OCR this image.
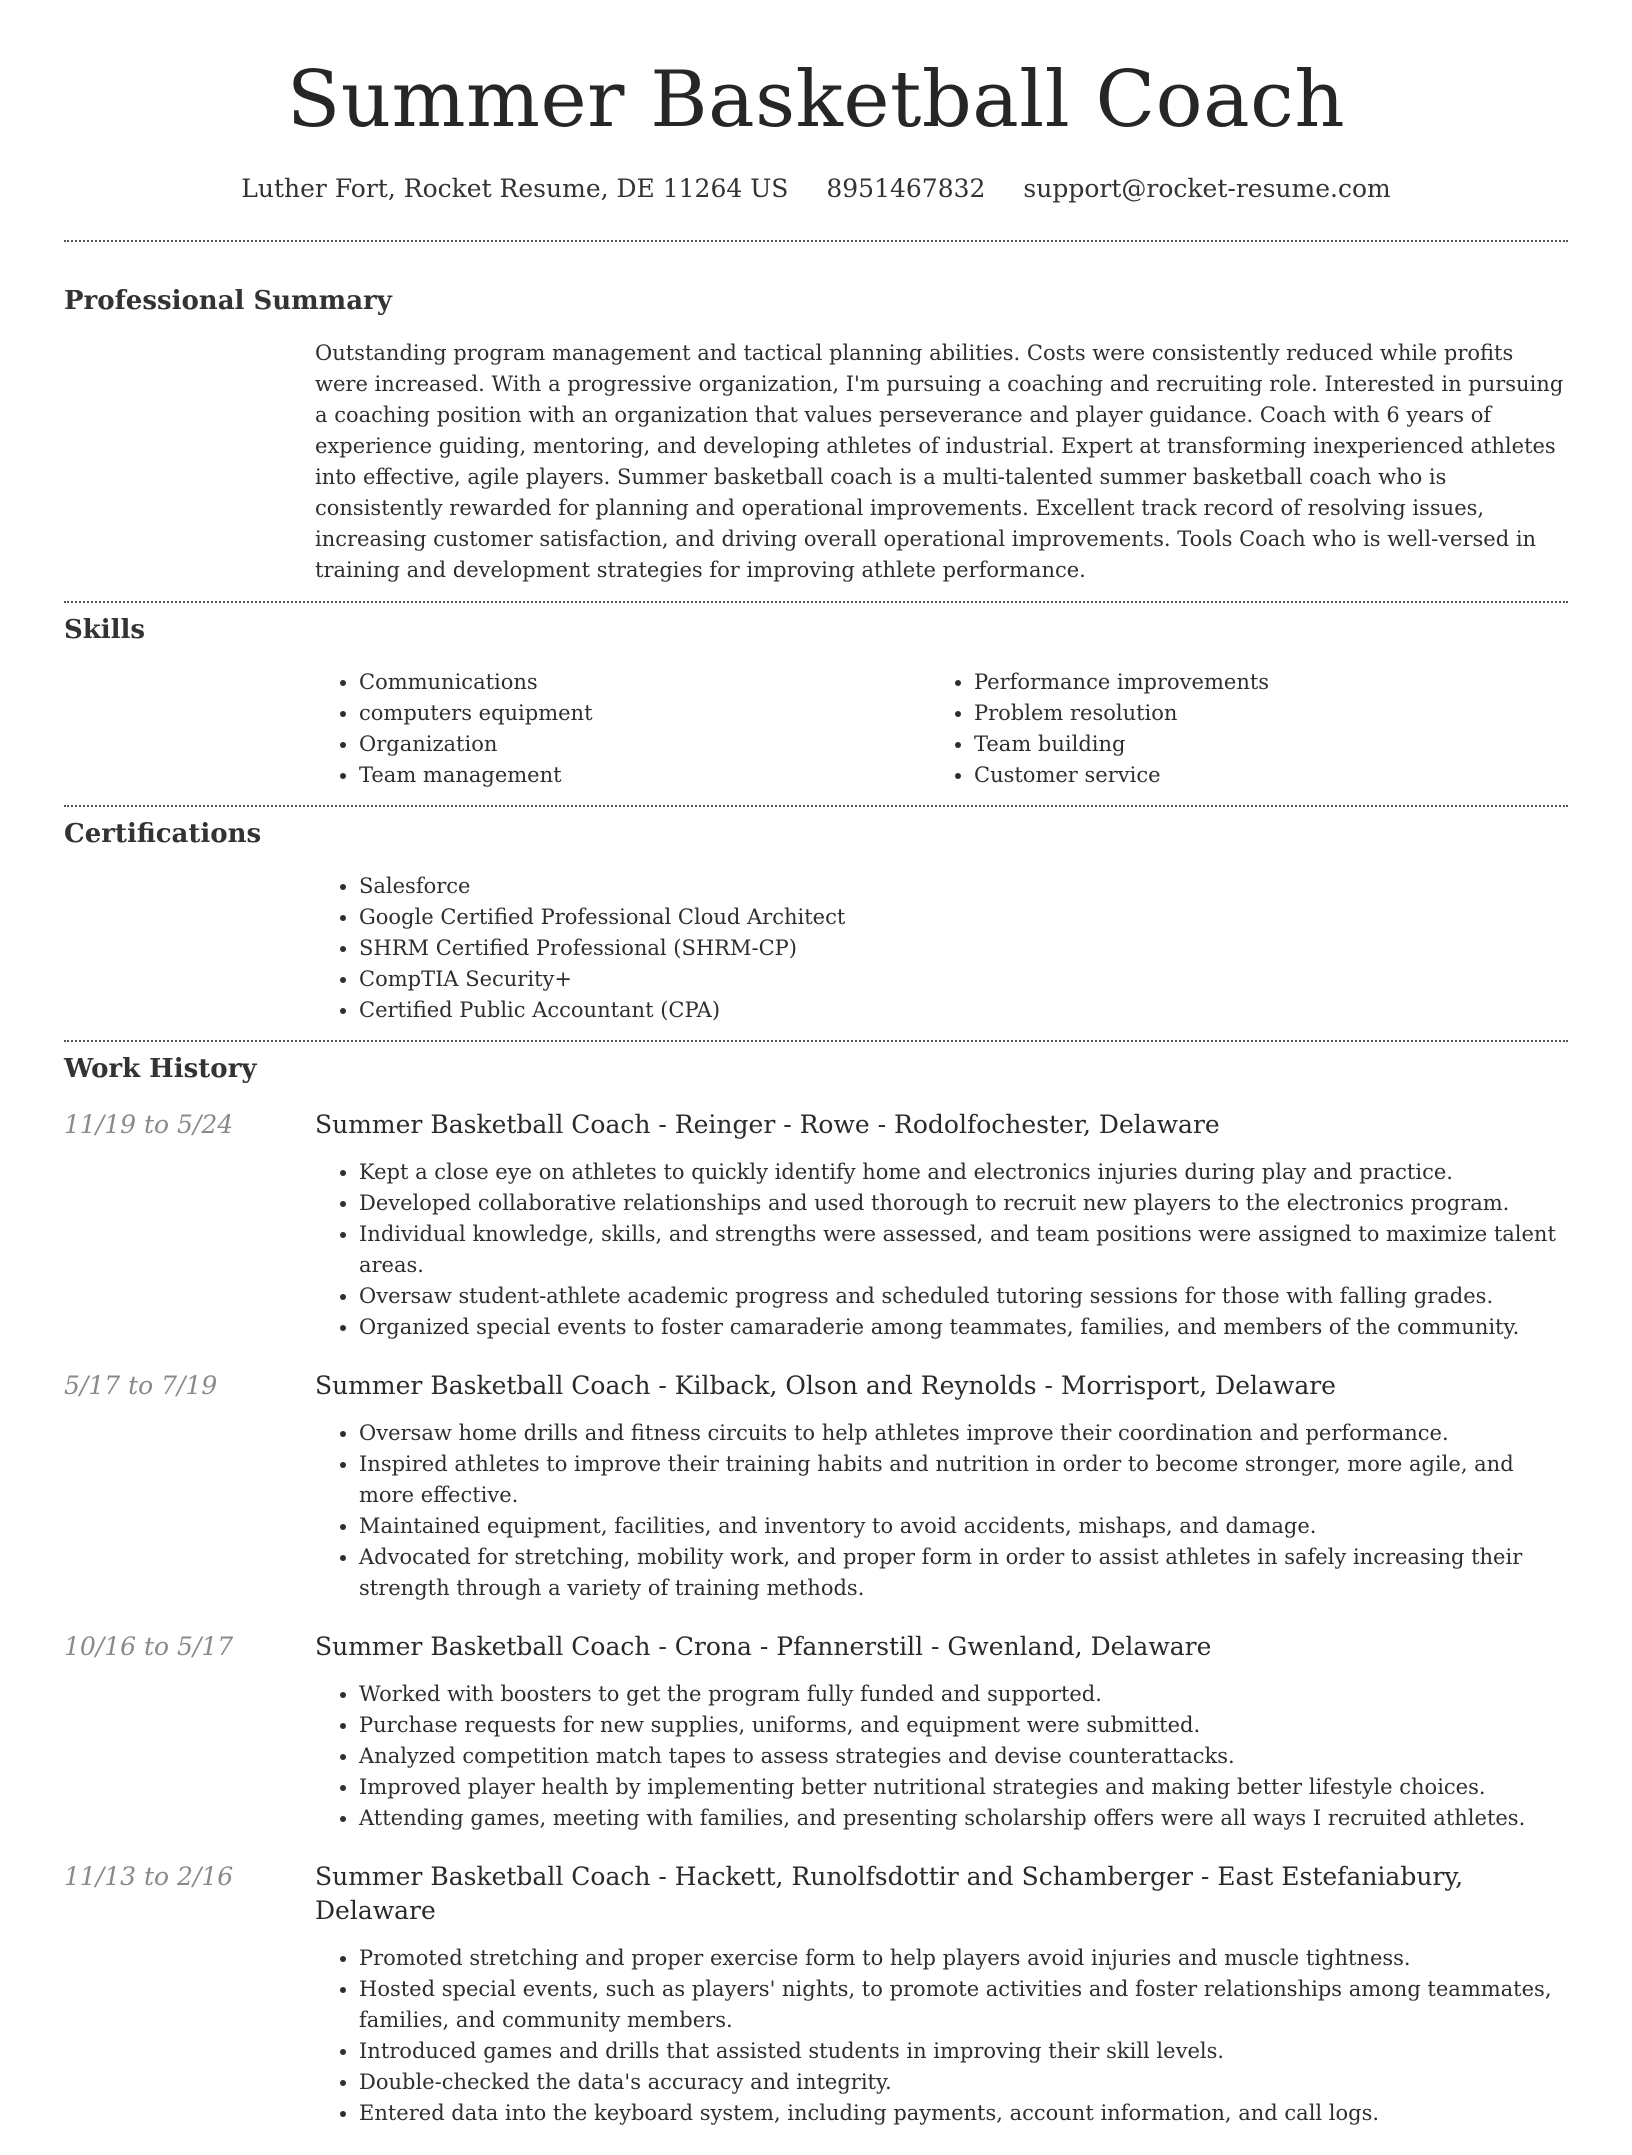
Summer Basketball Coach
Luther Fort, Rocket Resume, DE 11264 US 8951467832 support@rocket-resume.com
Professional Summary

Outstanding program management and tactical planning abilities. Costs were consistently reduced while profits were increased. With a progressive organization, I'm pursuing a coaching and recruiting role. Interested in pursuing a coaching position with an organization that values perseverance and player guidance. Coach with 6 years of experience guiding, mentoring, and developing athletes of industrial. Expert at transforming inexperienced athletes into effective, agile players. Summer basketball coach is a multi-talented summer basketball coach who is consistently rewarded for planning and operational improvements. Excellent track record of resolving issues, increasing customer satisfaction, and driving overall operational improvements. Tools Coach who is well-versed in training and development strategies for improving athlete performance.

Skills
• Communications
• computers equipment
• Organization
• Team management
• Performance improvements
• Problem resolution
• Team building
• Customer service
Certifications
• Salesforce
• Google Certified Professional Cloud Architect
• SHRM Certified Professional (SHRM-CP)
• CompTIA Security+
• Certified Public Accountant (CPA)
Work History
11/19 to 5/24	Summer Basketball Coach - Reinger - Rowe - Rodolfochester, Delaware
• Kept a close eye on athletes to quickly identify home and electronics injuries during play and practice.
• Developed collaborative relationships and used thorough to recruit new players to the electronics program.
• Individual knowledge, skills, and strengths were assessed, and team positions were assigned to maximize talent areas.
• Oversaw student-athlete academic progress and scheduled tutoring sessions for those with falling grades.
• Organized special events to foster camaraderie among teammates, families, and members of the community.
5/17 to 7/19	Summer Basketball Coach - Kilback, Olson and Reynolds - Morrisport, Delaware
• Oversaw home drills and fitness circuits to help athletes improve their coordination and performance.
• Inspired athletes to improve their training habits and nutrition in order to become stronger, more agile, and more effective.
• Maintained equipment, facilities, and inventory to avoid accidents, mishaps, and damage.
• Advocated for stretching, mobility work, and proper form in order to assist athletes in safely increasing their strength through a variety of training methods.
10/16 to 5/17	Summer Basketball Coach - Crona - Pfannerstill - Gwenland, Delaware
• Worked with boosters to get the program fully funded and supported.
• Purchase requests for new supplies, uniforms, and equipment were submitted.
• Analyzed competition match tapes to assess strategies and devise counterattacks.
• Improved player health by implementing better nutritional strategies and making better lifestyle choices.
• Attending games, meeting with families, and presenting scholarship offers were all ways I recruited athletes.
11/13 to 2/16	Summer Basketball Coach - Hackett, Runolfsdottir and Schamberger - East Estefaniabury, Delaware
• Promoted stretching and proper exercise form to help players avoid injuries and muscle tightness.
• Hosted special events, such as players' nights, to promote activities and foster relationships among teammates, families, and community members.
• Introduced games and drills that assisted students in improving their skill levels.
• Double-checked the data's accuracy and integrity.
• Entered data into the keyboard system, including payments, account information, and call logs.
